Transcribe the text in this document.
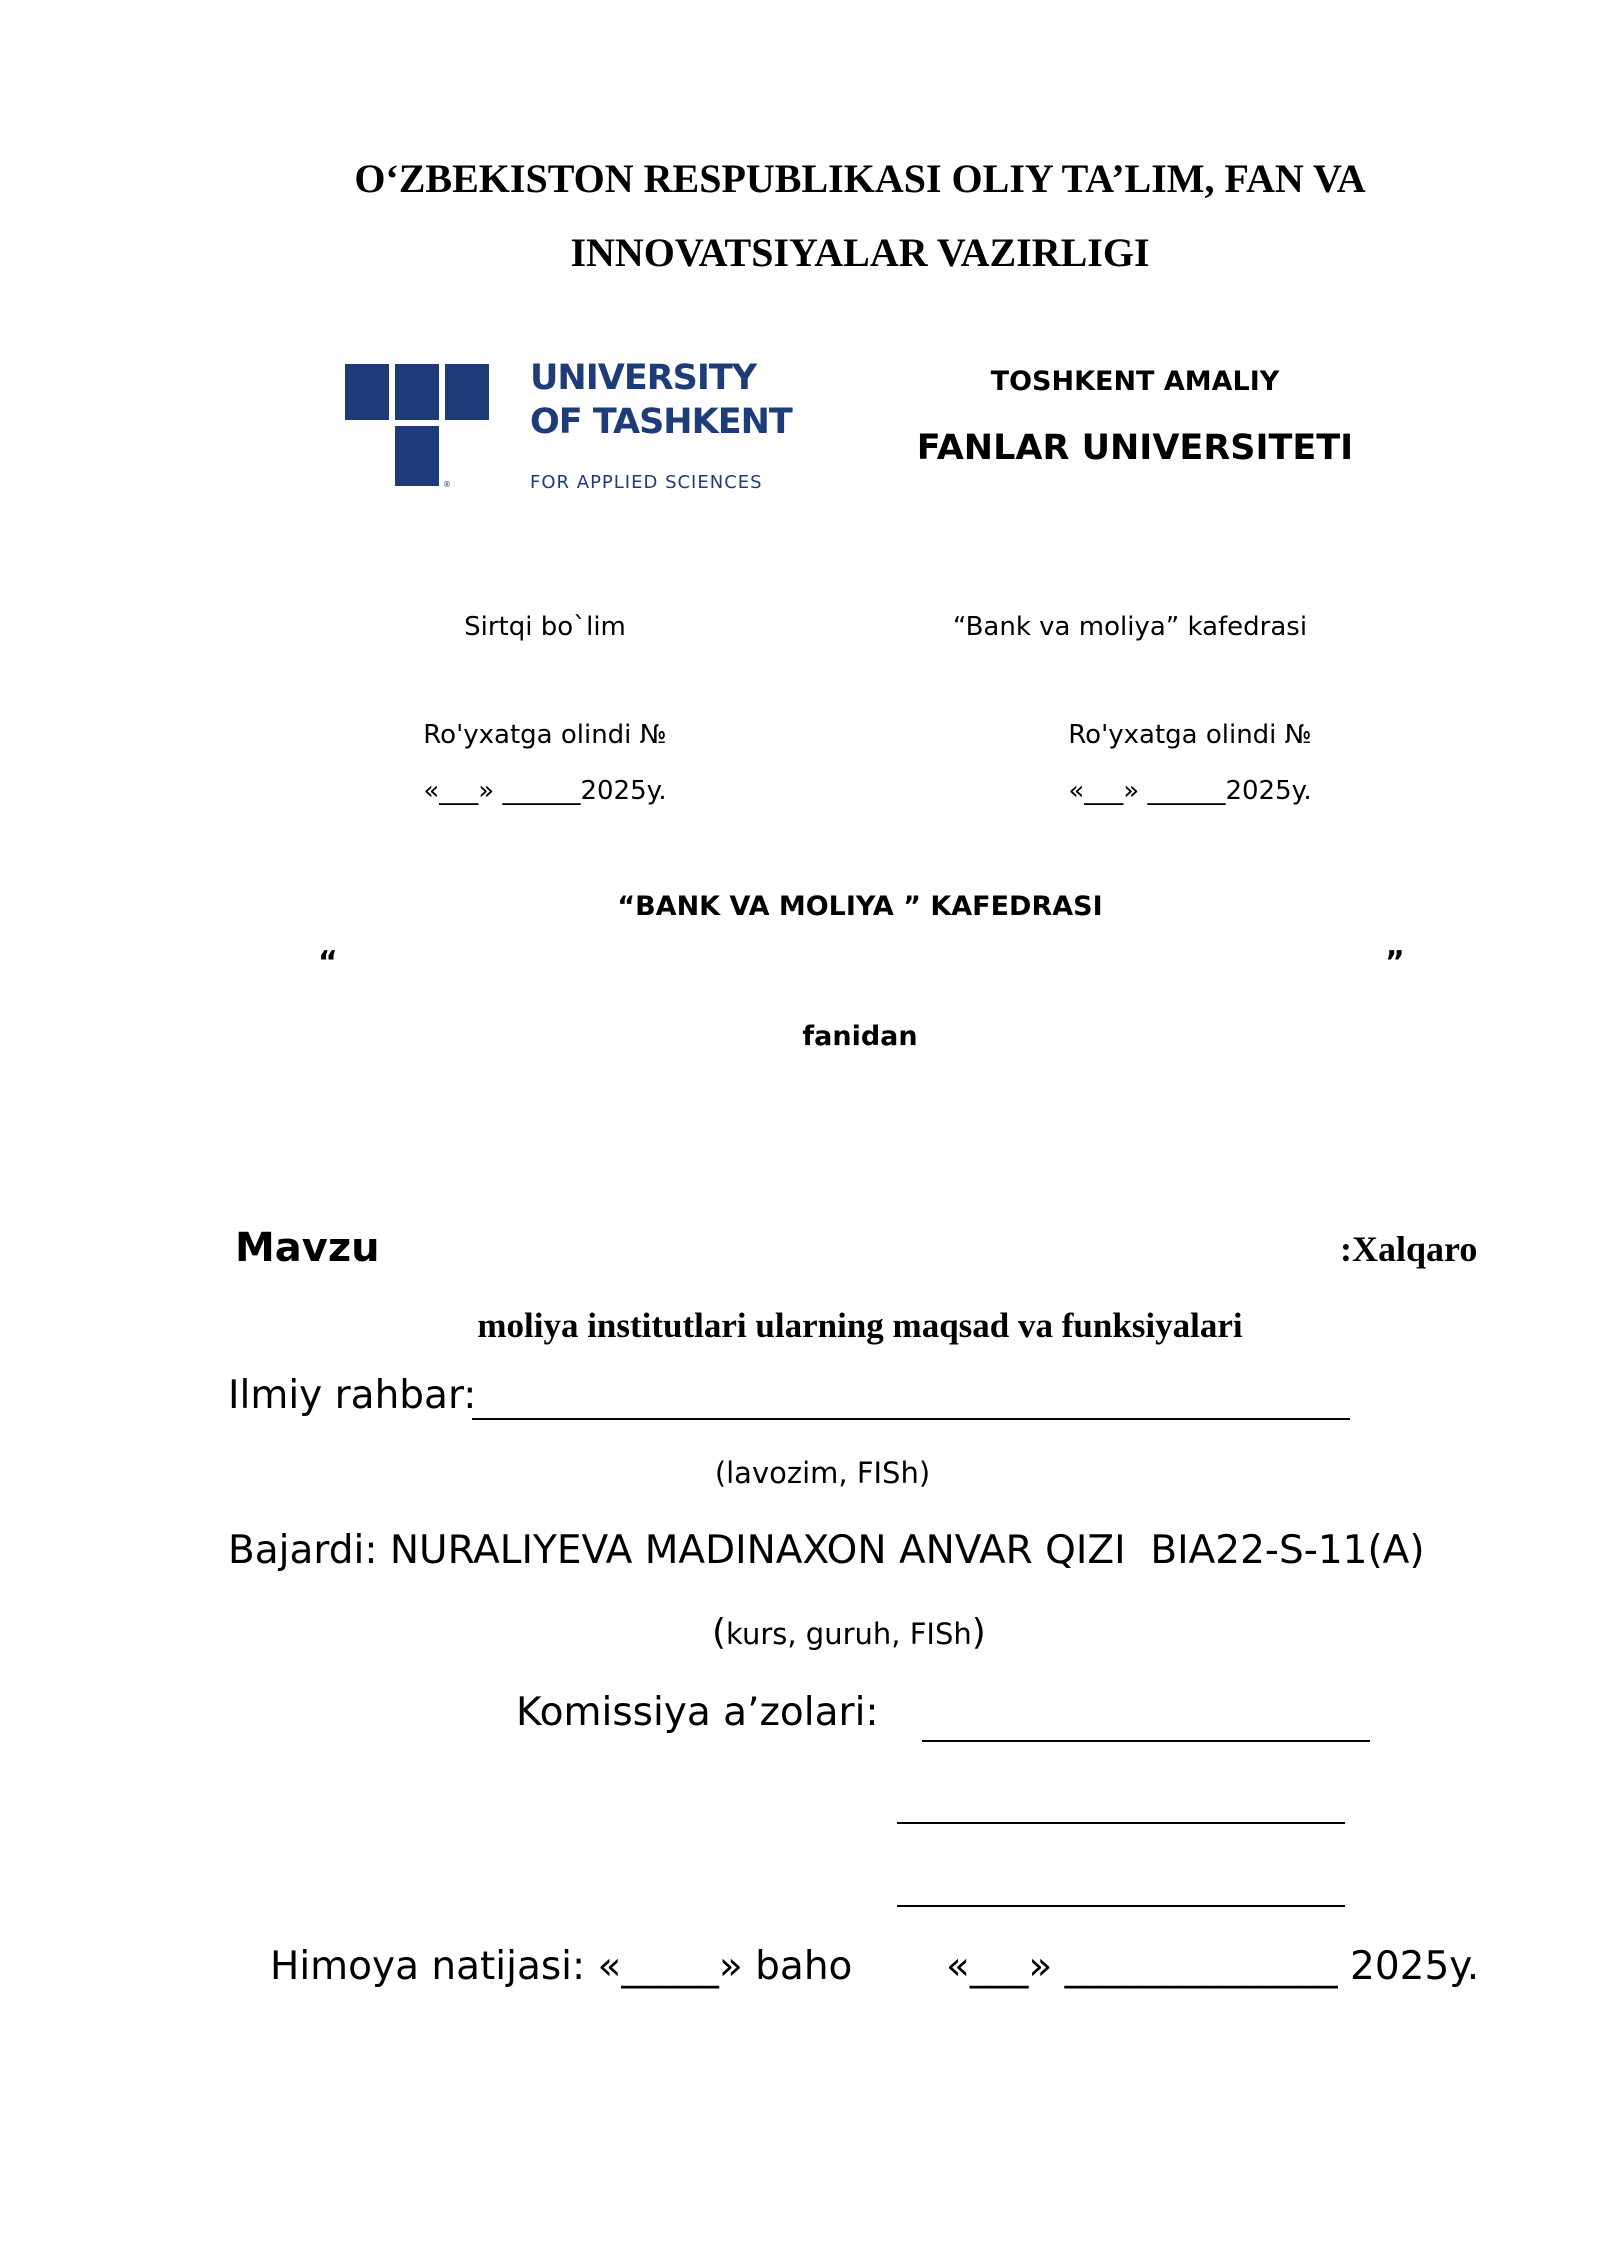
O‘ZBEKISTON RESPUBLIKASI OLIY TA’LIM, FAN VA
INNOVATSIYALAR VAZIRLIGI
®
UNIVERSITY
OF TASHKENT
FOR APPLIED SCIENCES
TOSHKENT AMALIY
FANLAR UNIVERSITETI
Sirtqi bo`lim	“Bank va moliya” kafedrasi
Ro'yxatga olindi №
«___» ______2025y.
Ro'yxatga olindi №
«___» ______2025y.
“BANK VA MOLIYA ” KAFEDRASI
“	”
fanidan
Mavzu	:Xalqaro
moliya institutlari ularning maqsad va funksiyalari
Ilmiy rahbar:
(lavozim, FISh)
Bajardi: NURALIYEVA MADINAXON ANVAR QIZI  BIA22-S-11(A)
(kurs, guruh, FISh)
Komissiya a’zolari:
Himoya natijasi: «_____» baho «___» ______________ 2025y.
